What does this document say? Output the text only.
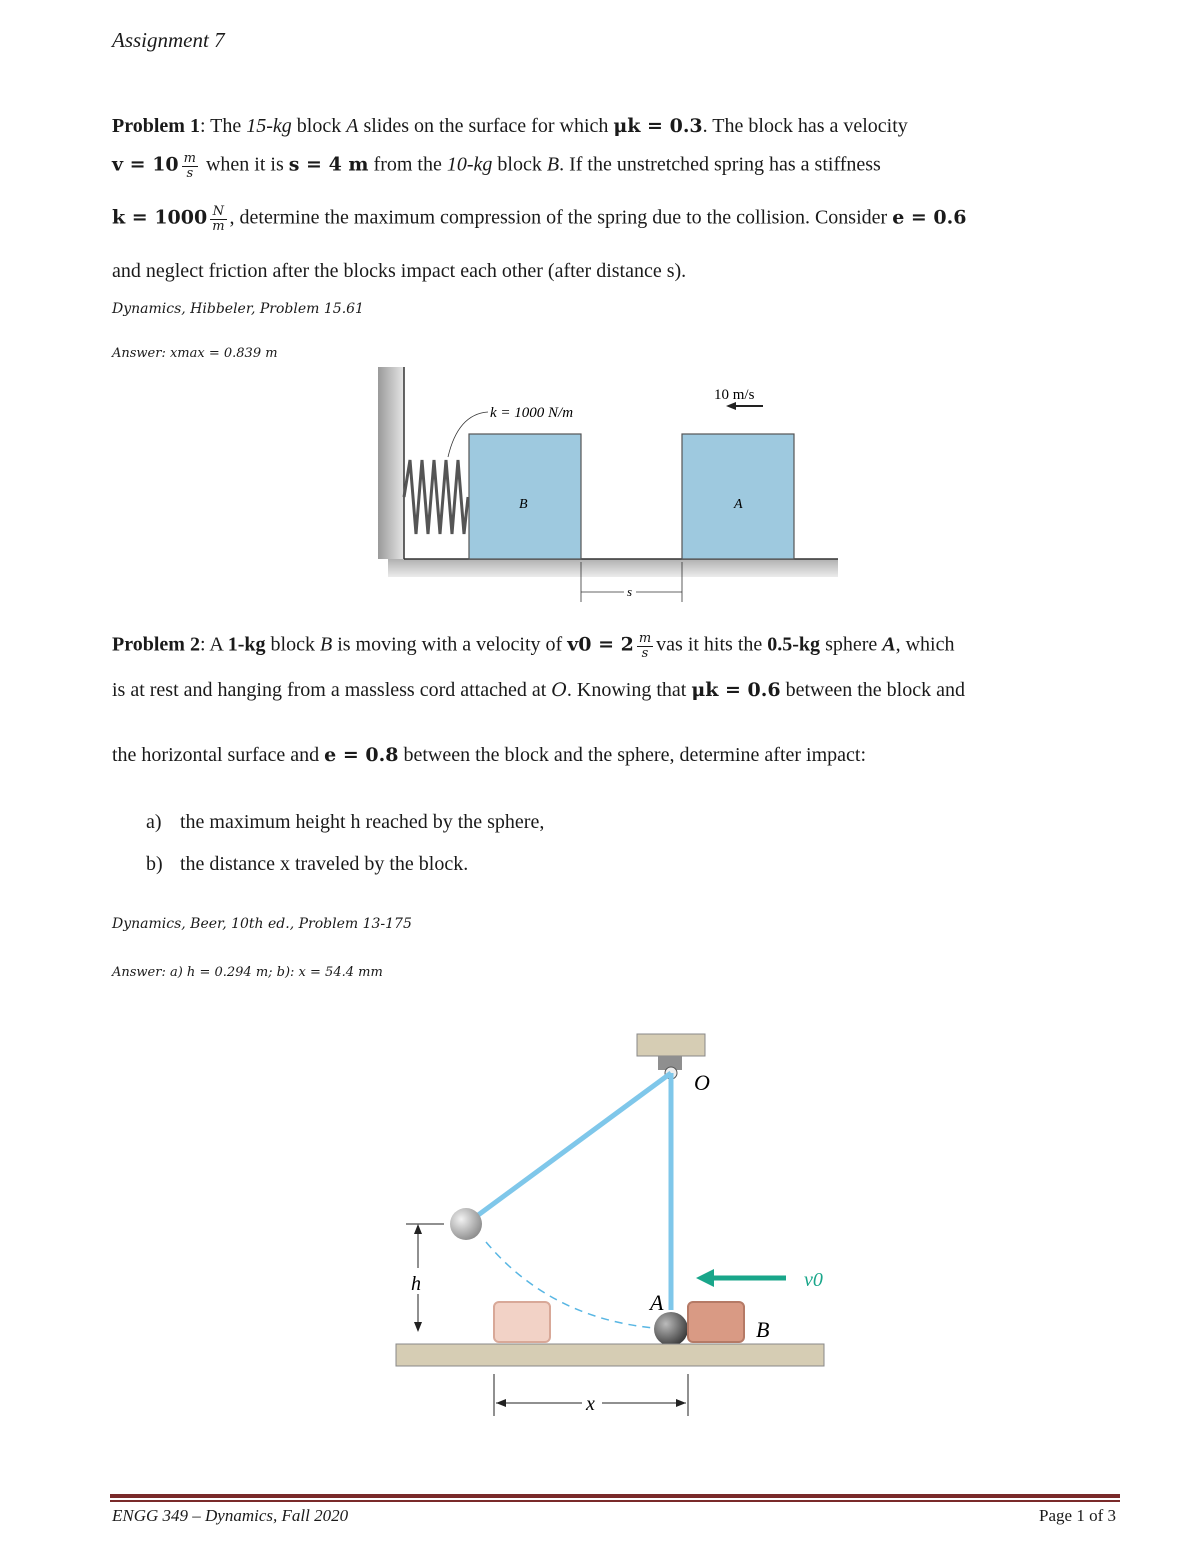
Assignment 7
Problem 1: The 15-kg block A slides on the surface for which μk = 0.3. The block has a velocity
$v = 10 \frac{m}{s}$ when it is s = 4 m from the 10-kg block B. If the unstretched spring has a stiffness
$k = 1000 \frac{N}{m}$ , determine the maximum compression of the spring due to the collision. Consider e = 0.6
and neglect friction after the blocks impact each other (after distance s).
Dynamics, Hibbeler, Problem 15.61
Answer: xmax = 0.839 m
k = 1000 N/m
B	A
10 m/s
s
Problem 2: A 1-kg block B is moving with a velocity of $v0 = 2 \frac{m}{s}$ vas it hits the 0.5-kg sphere A, which
is at rest and hanging from a massless cord attached at O. Knowing that μk = 0.6 between the block and
the horizontal surface and e = 0.8 between the block and the sphere, determine after impact:
a) the maximum height h reached by the sphere,
b) the distance x traveled by the block.
Dynamics, Beer, 10th ed., Problem 13-175
Answer: a) h = 0.294 m; b): x = 54.4 mm
O
A
B
v0
h
x
ENGG 349 – Dynamics, Fall 2020	Page 1 of 3
